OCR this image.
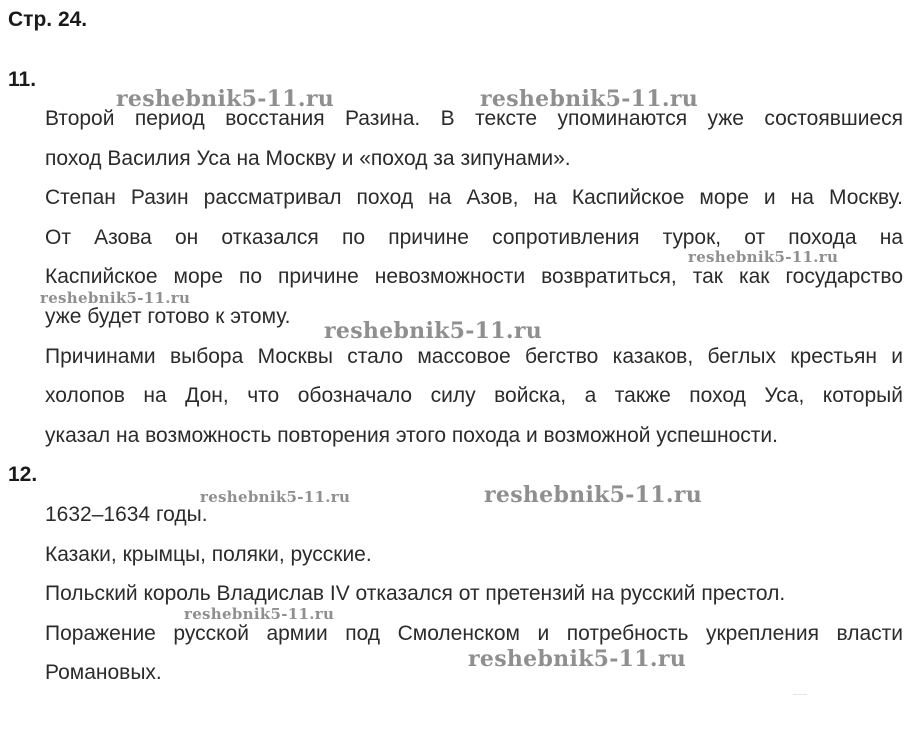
Стр. 24.
11.
Второй период восстания Разина. В тексте упоминаются уже состоявшиеся
поход Василия Уса на Москву и «поход за зипунами».
Степан Разин рассматривал поход на Азов, на Каспийское море и на Москву.
От Азова он отказался по причине сопротивления турок, от похода на
Каспийское море по причине невозможности возвратиться, так как государство
уже будет готово к этому.
Причинами выбора Москвы стало массовое бегство казаков, беглых крестьян и
холопов на Дон, что обозначало силу войска, а также поход Уса, который
указал на возможность повторения этого похода и возможной успешности.
12.
1632–1634 годы.
Казаки, крымцы, поляки, русские.
Польский король Владислав IV отказался от претензий на русский престол.
Поражение русской армии под Смоленском и потребность укрепления власти
Романовых.
reshebnik5-11.ru	reshebnik5-11.ru
reshebnik5-11.ru
reshebnik5-11.ru
reshebnik5-11.ru
reshebnik5-11.ru	reshebnik5-11.ru
reshebnik5-11.ru
reshebnik5-11.ru
